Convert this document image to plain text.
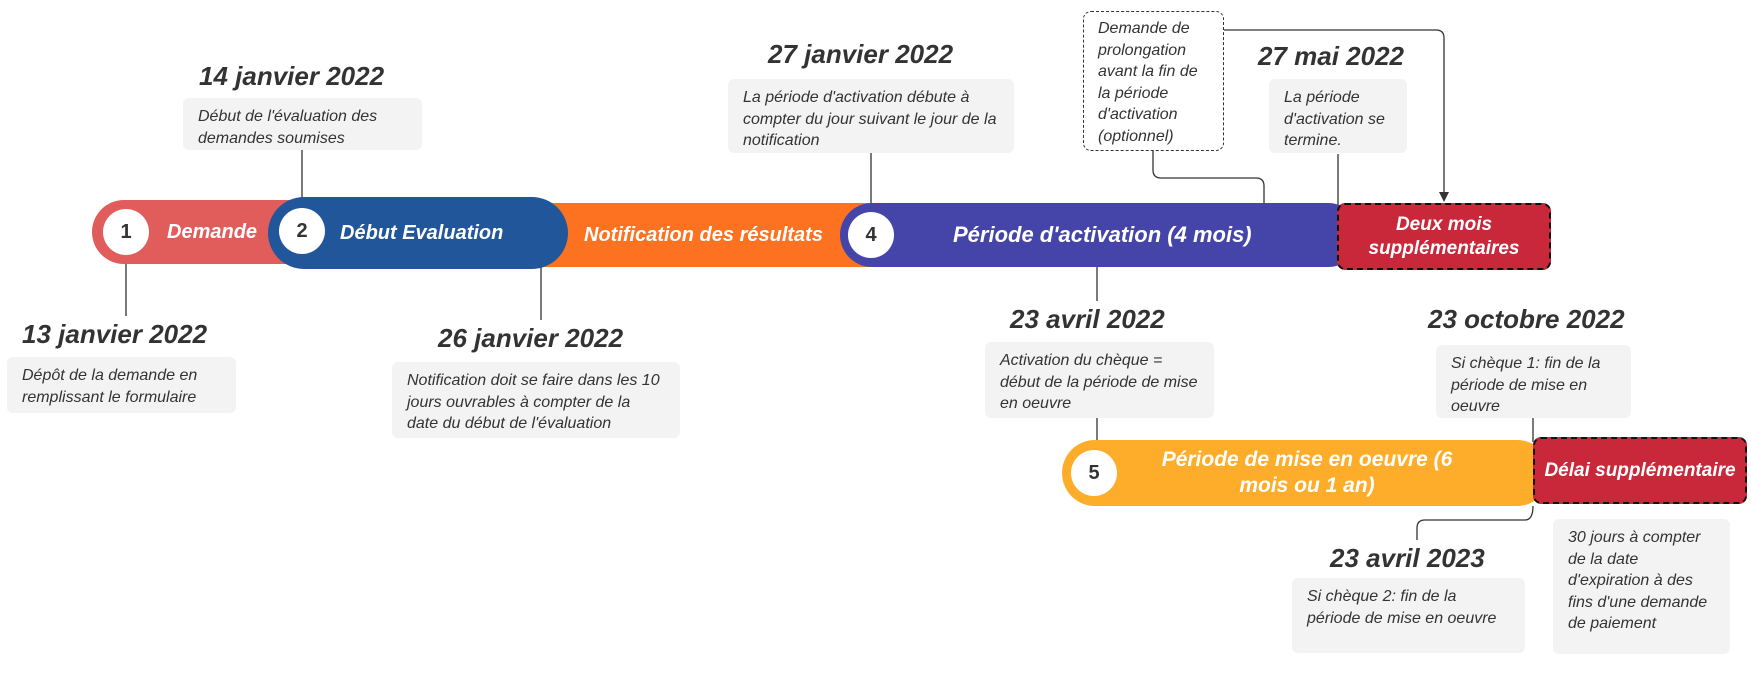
1	Demande	Notification des résultats
2	Début Evaluation	4	Période d'activation (4 mois)
5
Période de mise en oeuvre (6 mois ou 1 an)
Deux mois supplémentaires
Délai supplémentaire
13 janvier 2022
14 janvier 2022
26 janvier 2022
27 janvier 2022	27 mai 2022
23 avril 2022	23 octobre 2022
23 avril 2023
Dépôt de la demande en remplissant le formulaire
Début de l'évaluation des demandes soumises
Notification doit se faire dans les 10 jours ouvrables à compter de la date du début de l'évaluation
La période d'activation débute à compter du jour suivant le jour de la notification
La période d'activation se termine.
Activation du chèque = début de la période de mise en oeuvre
Si chèque 1: fin de la période de mise en oeuvre
Si chèque 2: fin de la période de mise en oeuvre
30 jours à compter de la date d'expiration à des fins d'une demande de paiement
Demande de prolongation avant la fin de la période d'activation (optionnel)
